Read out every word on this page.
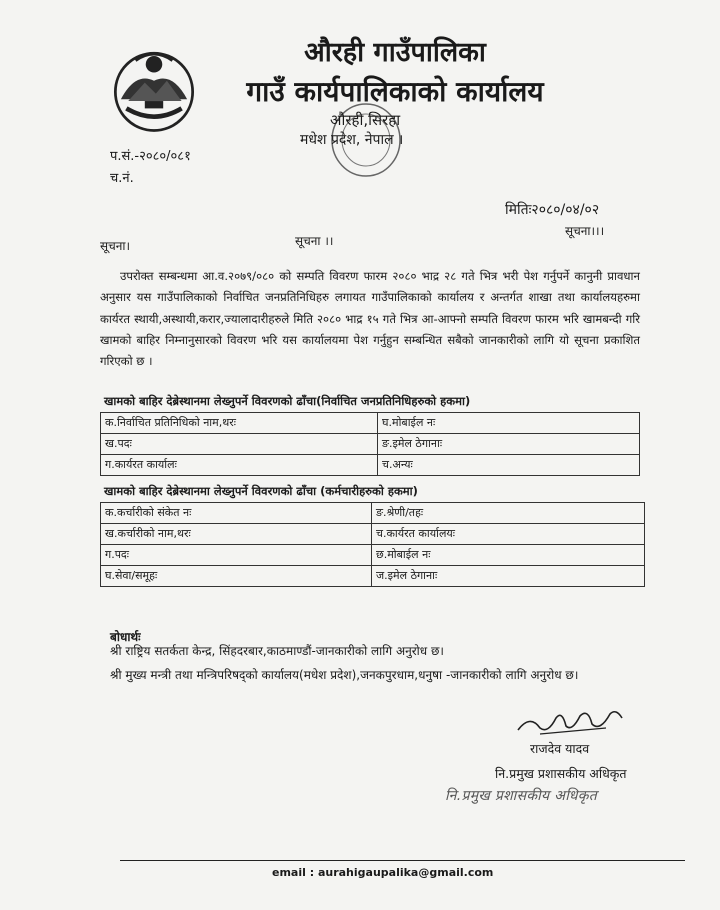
औरही गाउँपालिका
गाउँ कार्यपालिकाको कार्यालय
औरही,सिरहा
मधेश प्रदेश, नेपाल ।
प.सं.-२०८०/०८१
च.नं.
मितिः२०८०/०४/०२
सूचना।	सूचना ।।
सूचना।।।

उपरोक्त सम्बन्धमा आ.व.२०७९/०८० को सम्पति विवरण फारम २०८० भाद्र २८ गते भित्र भरी पेश गर्नुपर्ने कानुनी प्रावधान अनुसार यस गाउँपालिकाको निर्वाचित जनप्रतिनिधिहरु लगायत गाउँपालिकाको कार्यालय र अन्तर्गत शाखा तथा कार्यालयहरुमा कार्यरत स्थायी,अस्थायी,करार,ज्यालादारीहरुले मिति २०८० भाद्र १५ गते भित्र आ-आफ्नो सम्पति विवरण फारम भरि खामबन्दी गरि खामको बाहिर निम्नानुसारको विवरण भरि यस कार्यालयमा पेश गर्नुहुन सम्बन्धित सबैको जानकारीको लागि यो सूचना प्रकाशित गरिएको छ ।

खामको बाहिर देब्रेस्थानमा लेख्नुपर्ने विवरणको ढाँचा(निर्वाचित जनप्रतिनिधिहरुको हकमा)
क.निर्वाचित प्रतिनिधिको नाम,थरः	घ.मोबाईल नः
ख.पदः	ङ.इमेल ठेगानाः
ग.कार्यरत कार्यालः	च.अन्यः
खामको बाहिर देब्रेस्थानमा लेख्नुपर्ने विवरणको ढाँचा (कर्मचारीहरुको हकमा)
क.कर्चारीको संकेत नः	ङ.श्रेणी/तहः
ख.कर्चारीको नाम,थरः	च.कार्यरत कार्यालयः
ग.पदः	छ.मोबाईल नः
घ.सेवा/समूहः	ज.इमेल ठेगानाः
बोधार्थः
श्री राष्ट्रिय सतर्कता केन्द्र, सिंहदरबार,काठमाण्डौं-जानकारीको लागि अनुरोध छ।
श्री मुख्य मन्त्री तथा मन्त्रिपरिषद्को कार्यालय(मधेश प्रदेश),जनकपुरधाम,धनुषा -जानकारीको लागि अनुरोध छ।
राजदेव यादव
नि.प्रमुख प्रशासकीय अधिकृत
नि.प्रमुख प्रशासकीय अधिकृत
email : aurahigaupalika@gmail.com
